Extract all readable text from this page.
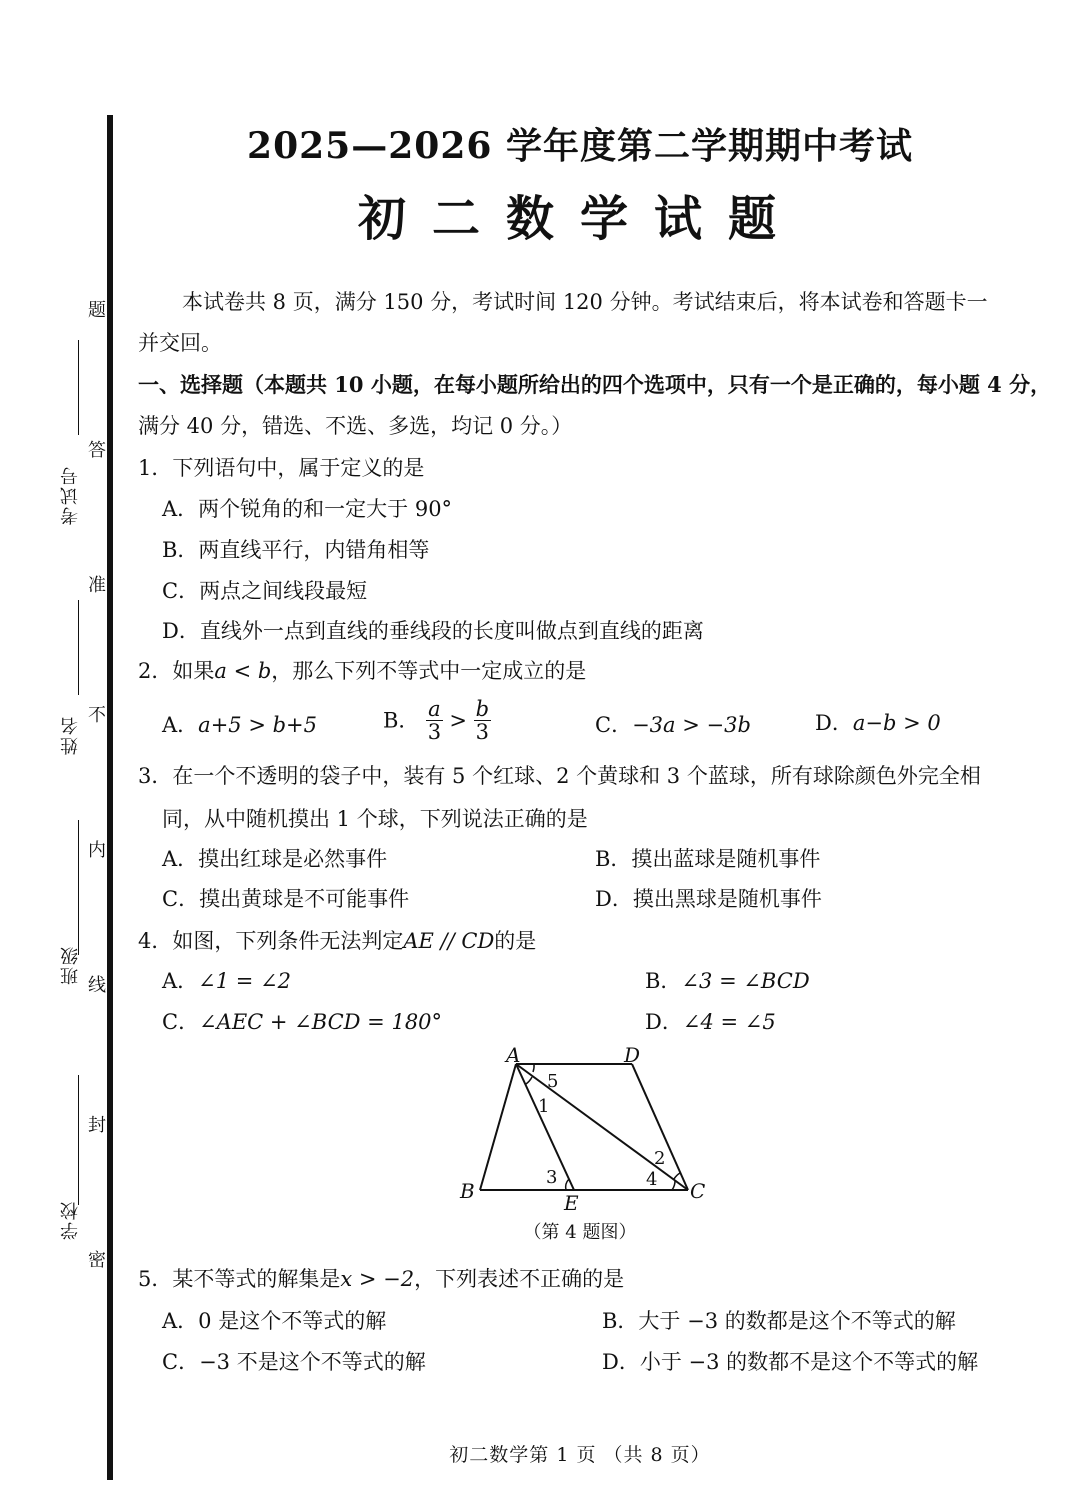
题
答
考试号
准
不
姓名
内
线
班级
封
学校
密
2025—2026 学年度第二学期期中考试
初二数学试题
本试卷共 8 页，满分 150 分，考试时间 120 分钟。考试结束后，将本试卷和答题卡一
并交回。
一、选择题（本题共 10 小题，在每小题所给出的四个选项中，只有一个是正确的，每小题 4 分，
满分 40 分，错选、不选、多选，均记 0 分。）
1．下列语句中，属于定义的是
A．两个锐角的和一定大于 90°
B．两直线平行，内错角相等
C．两点之间线段最短
D．直线外一点到直线的垂线段的长度叫做点到直线的距离
2．如果a < b，那么下列不等式中一定成立的是
A．a+5 > b+5	B． $\frac{a}{3} > \frac{b}{3}$	C．−3a > −3b	D．a−b > 0
3．在一个不透明的袋子中，装有 5 个红球、2 个黄球和 3 个蓝球，所有球除颜色外完全相
同，从中随机摸出 1 个球，下列说法正确的是
A．摸出红球是必然事件	B．摸出蓝球是随机事件
C．摸出黄球是不可能事件	D．摸出黑球是随机事件
4．如图，下列条件无法判定AE // CD的是
A．∠1 = ∠2	B．∠3 = ∠BCD
C．∠AEC + ∠BCD = 180°	D．∠4 = ∠5
A	D
B	C
E
1
2
3	4
5
（第 4 题图）
5．某不等式的解集是x > −2，下列表述不正确的是
A．0 是这个不等式的解	B．大于 −3 的数都是这个不等式的解
C．−3 不是这个不等式的解	D．小于 −3 的数都不是这个不等式的解
初二数学第 1 页 （共 8 页）
